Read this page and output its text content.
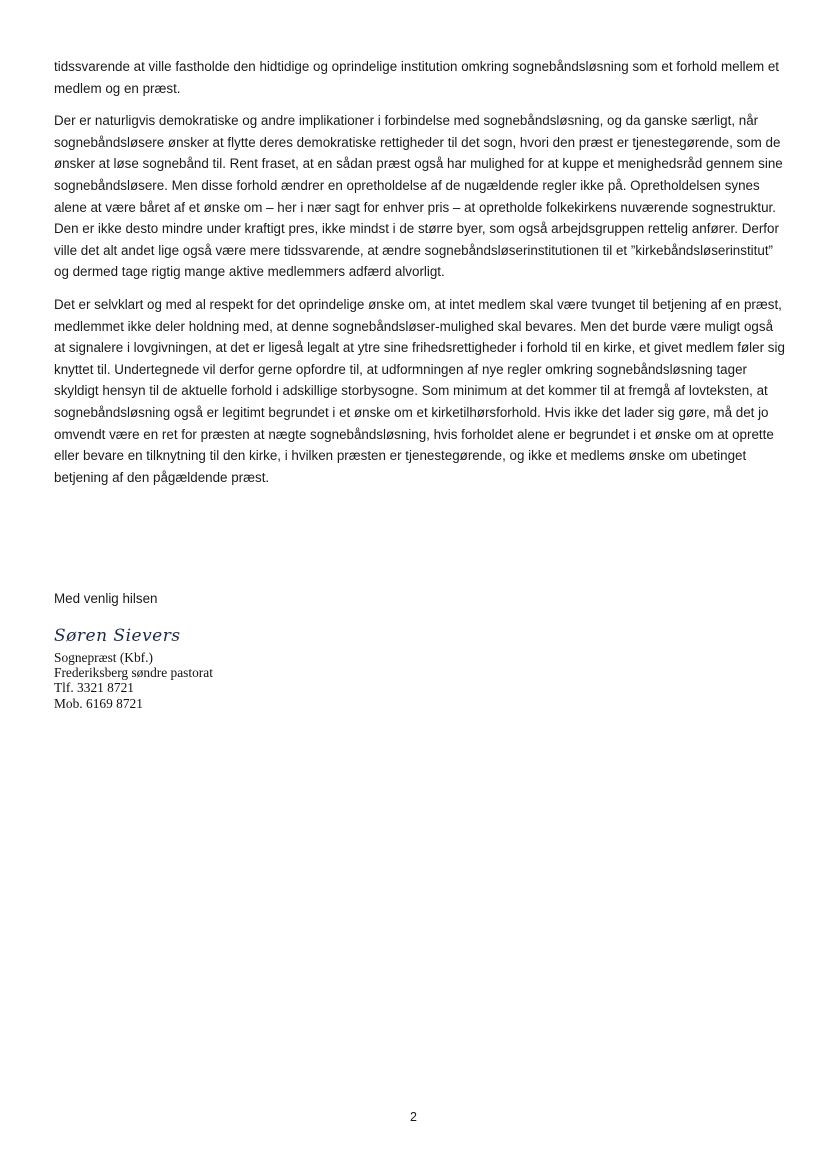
tidssvarende at ville fastholde den hidtidige og oprindelige institution omkring sognebåndsløsning som et forhold mellem et medlem og en præst.

Der er naturligvis demokratiske og andre implikationer i forbindelse med sognebåndsløsning, og da ganske særligt, når sognebåndsløsere ønsker at flytte deres demokratiske rettigheder til det sogn, hvori den præst er tjenestegørende, som de ønsker at løse sognebånd til. Rent fraset, at en sådan præst også har mulighed for at kuppe et menighedsråd gennem sine sognebåndsløsere. Men disse forhold ændrer en opretholdelse af de nugældende regler ikke på. Opretholdelsen synes alene at være båret af et ønske om – her i nær sagt for enhver pris – at opretholde folkekirkens nuværende sognestruktur. Den er ikke desto mindre under kraftigt pres, ikke mindst i de større byer, som også arbejdsgruppen rettelig anfører. Derfor ville det alt andet lige også være mere tidssvarende, at ændre sognebåndsløserinstitutionen til et ”kirkebåndsløserinstitut” og dermed tage rigtig mange aktive medlemmers adfærd alvorligt.

Det er selvklart og med al respekt for det oprindelige ønske om, at intet medlem skal være tvunget til betjening af en præst, medlemmet ikke deler holdning med, at denne sognebåndsløser-mulighed skal bevares. Men det burde være muligt også at signalere i lovgivningen, at det er ligeså legalt at ytre sine frihedsrettigheder i forhold til en kirke, et givet medlem føler sig knyttet til. Undertegnede vil derfor gerne opfordre til, at udformningen af nye regler omkring sognebåndsløsning tager skyldigt hensyn til de aktuelle forhold i adskillige storbysogne. Som minimum at det kommer til at fremgå af lovteksten, at sognebåndsløsning også er legitimt begrundet i et ønske om et kirketilhørsforhold. Hvis ikke det lader sig gøre, må det jo omvendt være en ret for præsten at nægte sognebåndsløsning, hvis forholdet alene er begrundet i et ønske om at oprette eller bevare en tilknytning til den kirke, i hvilken præsten er tjenestegørende, og ikke et medlems ønske om ubetinget betjening af den pågældende præst.

Med venlig hilsen
Søren Sievers
Sognepræst (Kbf.)
Frederiksberg søndre pastorat
Tlf. 3321 8721
Mob. 6169 8721
2
